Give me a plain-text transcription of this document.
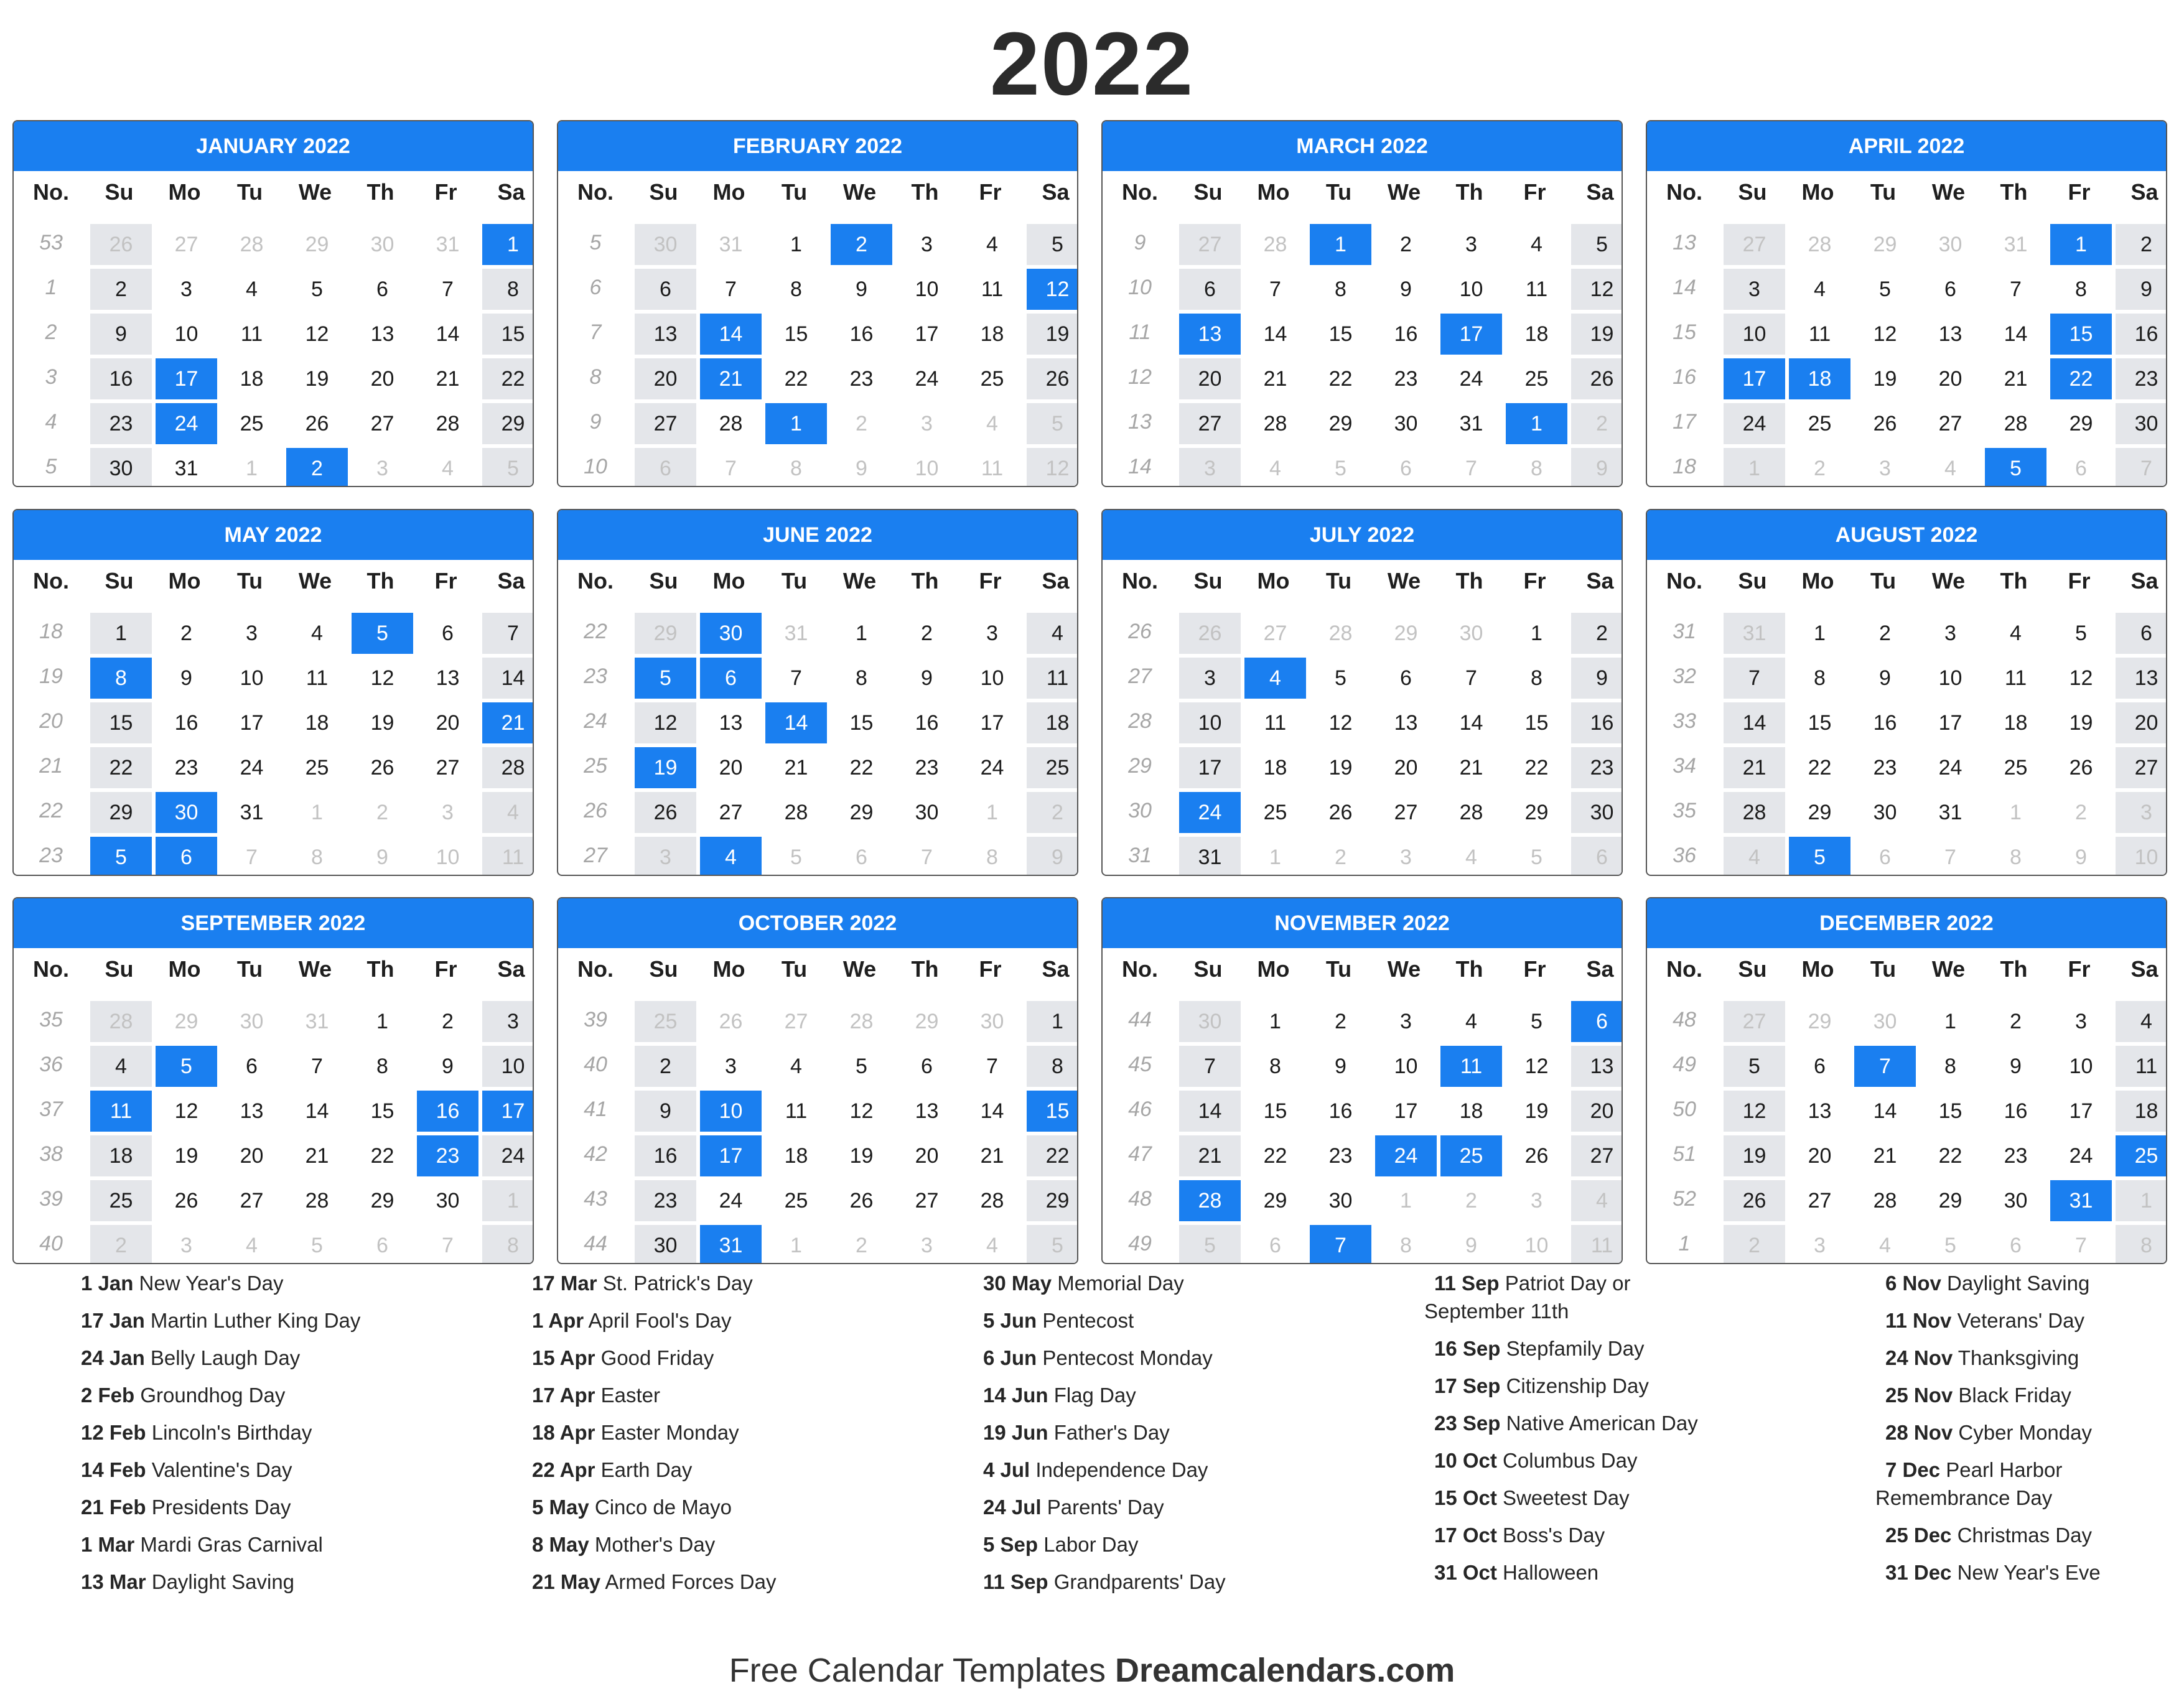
2022
JANUARY 2022
No.	Su	Mo	Tu	We	Th	Fr	Sa
53	26	27	28	29	30	31	1
1	2	3	4	5	6	7	8
2	9	10	11	12	13	14	15
3	16	17	18	19	20	21	22
4	23	24	25	26	27	28	29
5	30	31	1	2	3	4	5
FEBRUARY 2022
No.	Su	Mo	Tu	We	Th	Fr	Sa
5	30	31	1	2	3	4	5
6	6	7	8	9	10	11	12
7	13	14	15	16	17	18	19
8	20	21	22	23	24	25	26
9	27	28	1	2	3	4	5
10	6	7	8	9	10	11	12
MARCH 2022
No.	Su	Mo	Tu	We	Th	Fr	Sa
9	27	28	1	2	3	4	5
10	6	7	8	9	10	11	12
11	13	14	15	16	17	18	19
12	20	21	22	23	24	25	26
13	27	28	29	30	31	1	2
14	3	4	5	6	7	8	9
APRIL 2022
No.	Su	Mo	Tu	We	Th	Fr	Sa
13	27	28	29	30	31	1	2
14	3	4	5	6	7	8	9
15	10	11	12	13	14	15	16
16	17	18	19	20	21	22	23
17	24	25	26	27	28	29	30
18	1	2	3	4	5	6	7
MAY 2022
No.	Su	Mo	Tu	We	Th	Fr	Sa
18	1	2	3	4	5	6	7
19	8	9	10	11	12	13	14
20	15	16	17	18	19	20	21
21	22	23	24	25	26	27	28
22	29	30	31	1	2	3	4
23	5	6	7	8	9	10	11
JUNE 2022
No.	Su	Mo	Tu	We	Th	Fr	Sa
22	29	30	31	1	2	3	4
23	5	6	7	8	9	10	11
24	12	13	14	15	16	17	18
25	19	20	21	22	23	24	25
26	26	27	28	29	30	1	2
27	3	4	5	6	7	8	9
JULY 2022
No.	Su	Mo	Tu	We	Th	Fr	Sa
26	26	27	28	29	30	1	2
27	3	4	5	6	7	8	9
28	10	11	12	13	14	15	16
29	17	18	19	20	21	22	23
30	24	25	26	27	28	29	30
31	31	1	2	3	4	5	6
AUGUST 2022
No.	Su	Mo	Tu	We	Th	Fr	Sa
31	31	1	2	3	4	5	6
32	7	8	9	10	11	12	13
33	14	15	16	17	18	19	20
34	21	22	23	24	25	26	27
35	28	29	30	31	1	2	3
36	4	5	6	7	8	9	10
SEPTEMBER 2022
No.	Su	Mo	Tu	We	Th	Fr	Sa
35	28	29	30	31	1	2	3
36	4	5	6	7	8	9	10
37	11	12	13	14	15	16	17
38	18	19	20	21	22	23	24
39	25	26	27	28	29	30	1
40	2	3	4	5	6	7	8
OCTOBER 2022
No.	Su	Mo	Tu	We	Th	Fr	Sa
39	25	26	27	28	29	30	1
40	2	3	4	5	6	7	8
41	9	10	11	12	13	14	15
42	16	17	18	19	20	21	22
43	23	24	25	26	27	28	29
44	30	31	1	2	3	4	5
NOVEMBER 2022
No.	Su	Mo	Tu	We	Th	Fr	Sa
44	30	1	2	3	4	5	6
45	7	8	9	10	11	12	13
46	14	15	16	17	18	19	20
47	21	22	23	24	25	26	27
48	28	29	30	1	2	3	4
49	5	6	7	8	9	10	11
DECEMBER 2022
No.	Su	Mo	Tu	We	Th	Fr	Sa
48	27	29	30	1	2	3	4
49	5	6	7	8	9	10	11
50	12	13	14	15	16	17	18
51	19	20	21	22	23	24	25
52	26	27	28	29	30	31	1
1	2	3	4	5	6	7	8
1 Jan New Year's Day
17 Jan Martin Luther King Day
24 Jan Belly Laugh Day
2 Feb Groundhog Day
12 Feb Lincoln's Birthday
14 Feb Valentine's Day
21 Feb Presidents Day
1 Mar Mardi Gras Carnival
13 Mar Daylight Saving
17 Mar St. Patrick's Day
1 Apr April Fool's Day
15 Apr Good Friday
17 Apr Easter
18 Apr Easter Monday
22 Apr Earth Day
5 May Cinco de Mayo
8 May Mother's Day
21 May Armed Forces Day
30 May Memorial Day
5 Jun Pentecost
6 Jun Pentecost Monday
14 Jun Flag Day
19 Jun Father's Day
4 Jul Independence Day
24 Jul Parents' Day
5 Sep Labor Day
11 Sep Grandparents' Day
11 Sep Patriot Day or September 11th
16 Sep Stepfamily Day
17 Sep Citizenship Day
23 Sep Native American Day
10 Oct Columbus Day
15 Oct Sweetest Day
17 Oct Boss's Day
31 Oct Halloween
6 Nov Daylight Saving
11 Nov Veterans' Day
24 Nov Thanksgiving
25 Nov Black Friday
28 Nov Cyber Monday
7 Dec Pearl Harbor Remembrance Day
25 Dec Christmas Day
31 Dec New Year's Eve
Free Calendar Templates Dreamcalendars.com
